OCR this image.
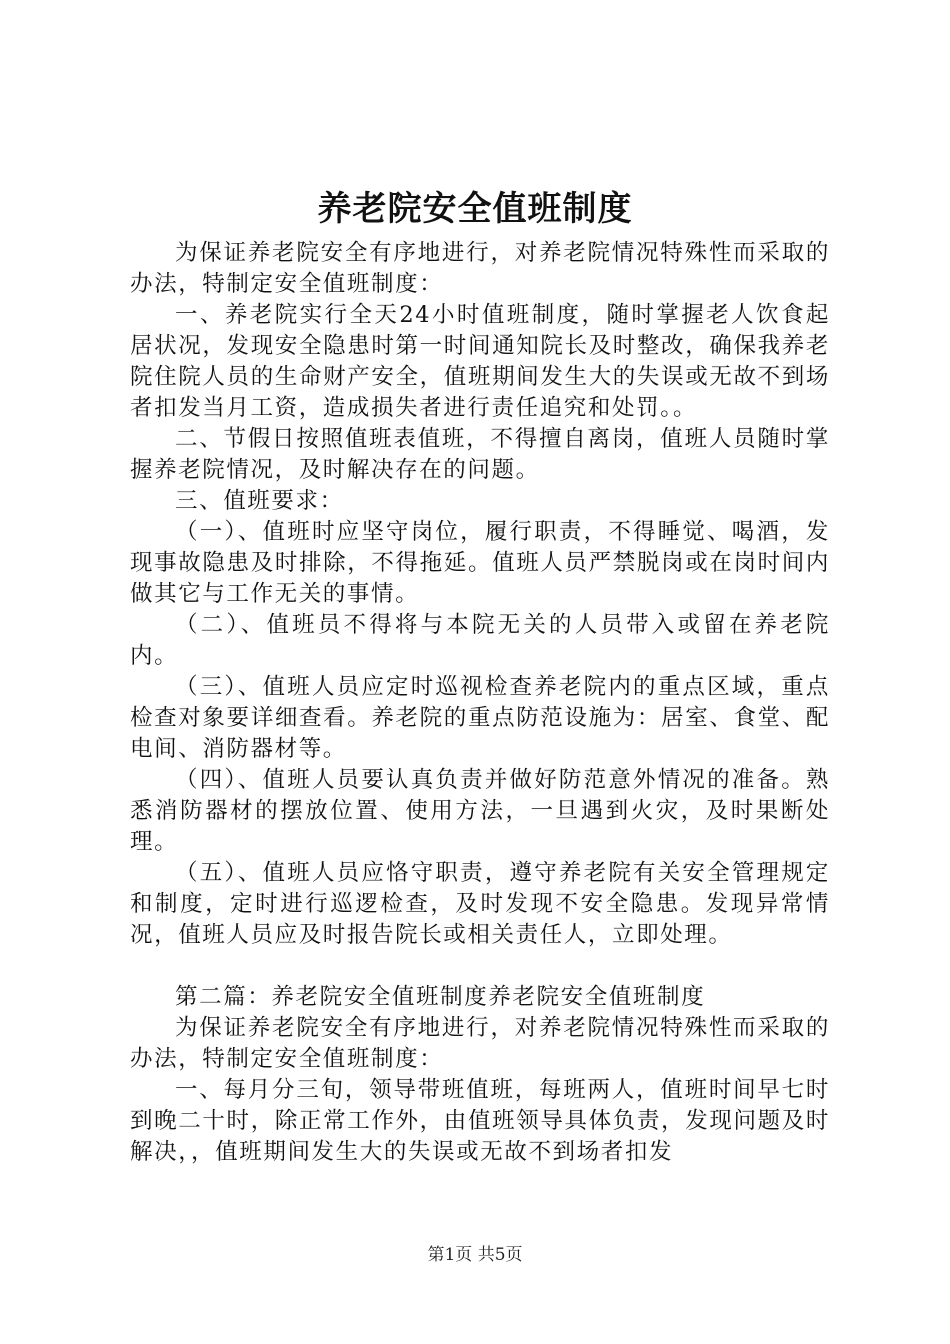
养老院安全值班制度

为保证养老院安全有序地进行，对养老院情况特殊性而采取的办法，特制定安全值班制度：

一、养老院实行全天24小时值班制度，随时掌握老人饮食起居状况，发现安全隐患时第一时间通知院长及时整改，确保我养老院住院人员的生命财产安全，值班期间发生大的失误或无故不到场者扣发当月工资，造成损失者进行责任追究和处罚。。

二、节假日按照值班表值班，不得擅自离岗，值班人员随时掌握养老院情况，及时解决存在的问题。

三、值班要求：

（一）、值班时应坚守岗位，履行职责，不得睡觉、喝酒，发现事故隐患及时排除，不得拖延。值班人员严禁脱岗或在岗时间内做其它与工作无关的事情。

（二）、值班员不得将与本院无关的人员带入或留在养老院内。

（三）、值班人员应定时巡视检查养老院内的重点区域，重点检查对象要详细查看。养老院的重点防范设施为：居室、食堂、配电间、消防器材等。

（四）、值班人员要认真负责并做好防范意外情况的准备。熟悉消防器材的摆放位置、使用方法，一旦遇到火灾，及时果断处理。

（五）、值班人员应恪守职责，遵守养老院有关安全管理规定和制度，定时进行巡逻检查，及时发现不安全隐患。发现异常情况，值班人员应及时报告院长或相关责任人，立即处理。

第二篇：养老院安全值班制度养老院安全值班制度

为保证养老院安全有序地进行，对养老院情况特殊性而采取的办法，特制定安全值班制度：

一、每月分三旬，领导带班值班，每班两人，值班时间早七时到晚二十时，除正常工作外，由值班领导具体负责，发现问题及时解决，，值班期间发生大的失误或无故不到场者扣发

第1页 共5页
